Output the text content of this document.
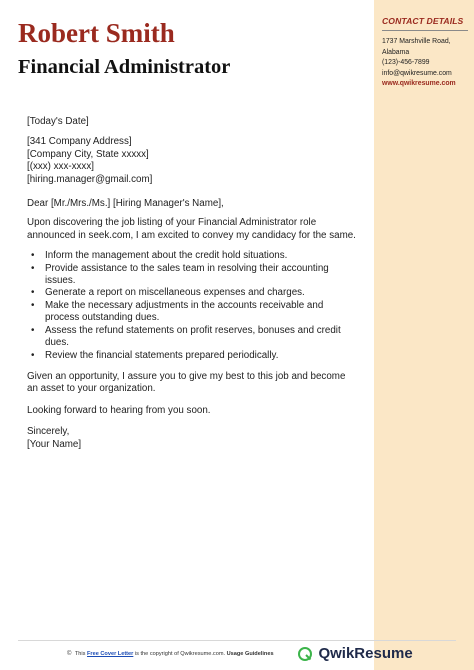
CONTACT DETAILS
1737 Marshville Road,
Alabama
(123)-456-7899
info@qwikresume.com
www.qwikresume.com
Robert Smith
Financial Administrator

[Today's Date]

[341 Company Address]

[Company City, State xxxxx]

[(xxx) xxx-xxxx]

[hiring.manager@gmail.com]

Dear [Mr./Mrs./Ms.] [Hiring Manager's Name],

Upon discovering the job listing of your Financial Administrator role announced in seek.com, I am excited to convey my candidacy for the same.

• Inform the management about the credit hold situations.
• Provide assistance to the sales team in resolving their accounting issues.
• Generate a report on miscellaneous expenses and charges.
• Make the necessary adjustments in the accounts receivable and process outstanding dues.
• Assess the refund statements on profit reserves, bonuses and credit dues.
• Review the financial statements prepared periodically.

Given an opportunity, I assure you to give my best to this job and become an asset to your organization.

Looking forward to hearing from you soon.

Sincerely,

[Your Name]

© This Free Cover Letter is the copyright of Qwikresume.com. Usage Guidelines	QwikResume
